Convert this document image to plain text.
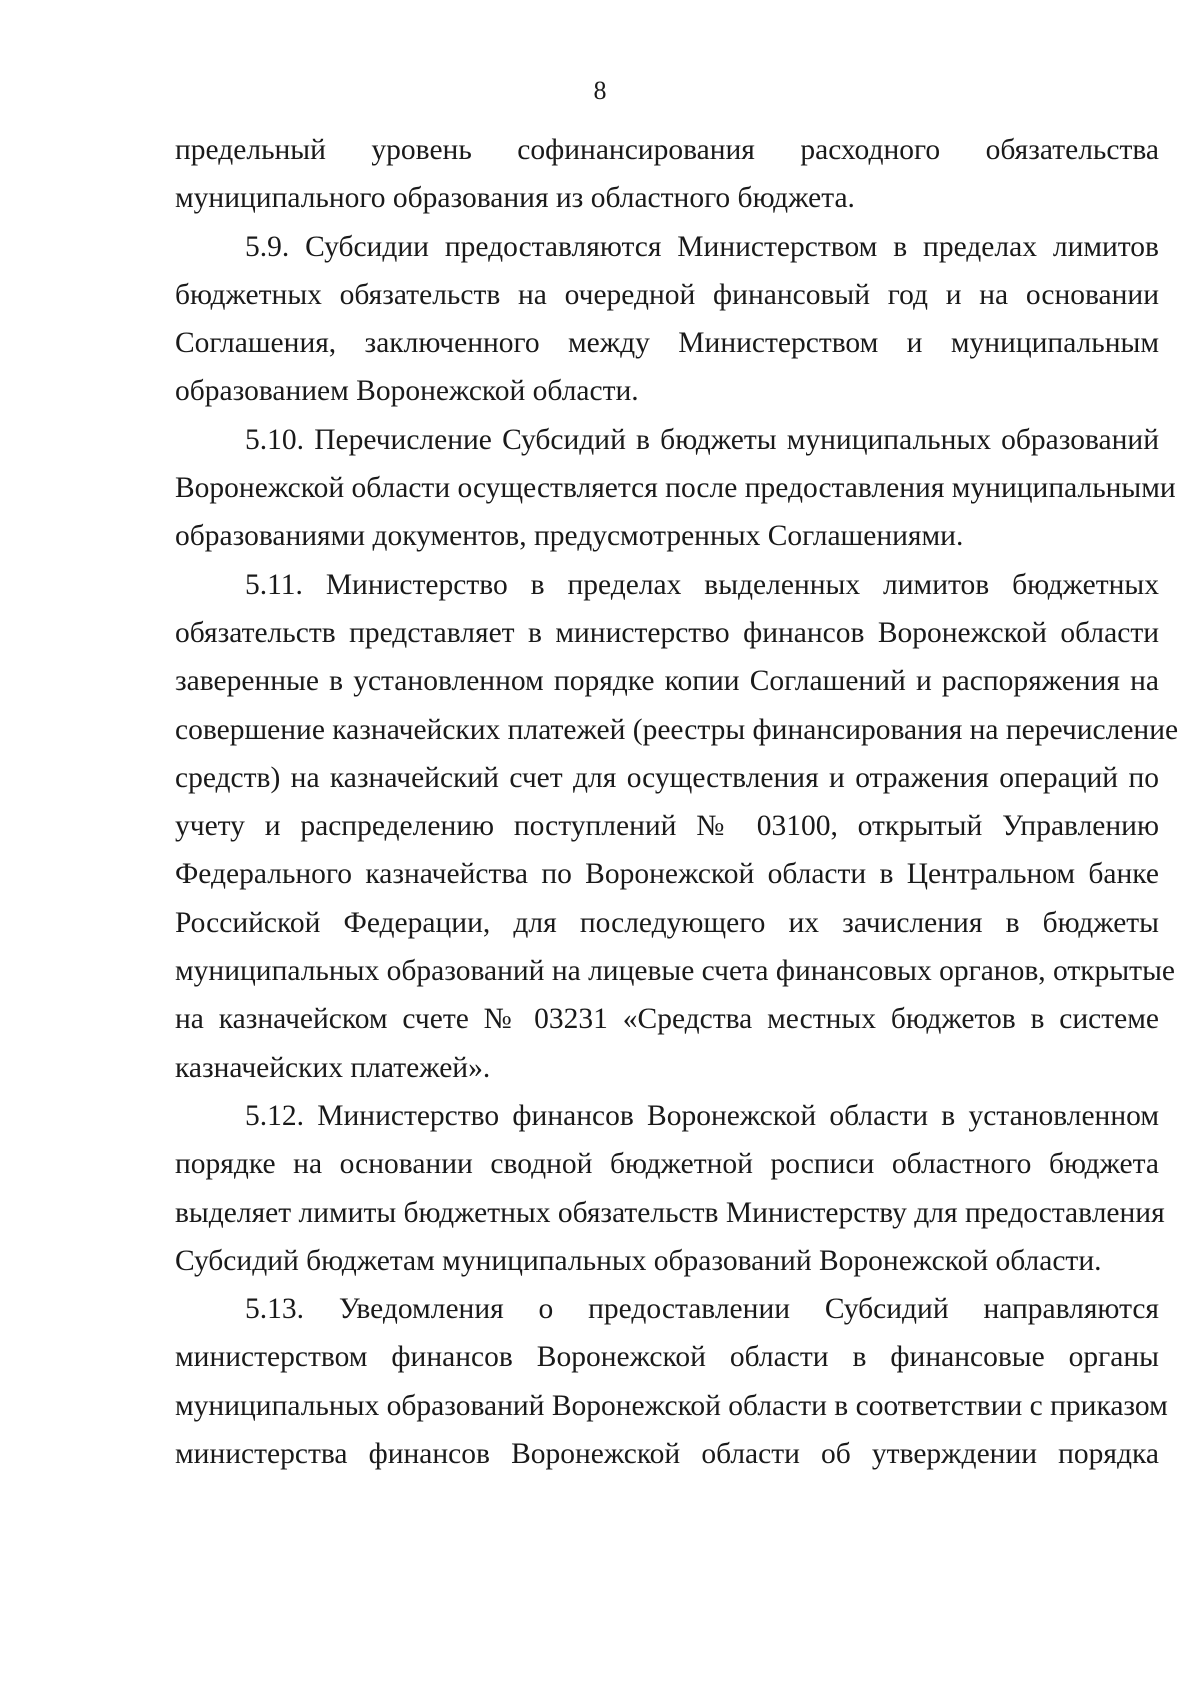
8
предельный уровень софинансирования расходного обязательства
муниципального образования из областного бюджета.
5.9. Субсидии предоставляются Министерством в пределах лимитов
бюджетных обязательств на очередной финансовый год и на основании
Соглашения, заключенного между Министерством и муниципальным
образованием Воронежской области.
5.10. Перечисление Субсидий в бюджеты муниципальных образований
Воронежской области осуществляется после предоставления муниципальными
образованиями документов, предусмотренных Соглашениями.
5.11. Министерство в пределах выделенных лимитов бюджетных
обязательств представляет в министерство финансов Воронежской области
заверенные в установленном порядке копии Соглашений и распоряжения на
совершение казначейских платежей (реестры финансирования на перечисление
средств) на казначейский счет для осуществления и отражения операций по
учету и распределению поступлений № 03100, открытый Управлению
Федерального казначейства по Воронежской области в Центральном банке
Российской Федерации, для последующего их зачисления в бюджеты
муниципальных образований на лицевые счета финансовых органов, открытые
на казначейском счете № 03231 «Средства местных бюджетов в системе
казначейских платежей».
5.12. Министерство финансов Воронежской области в установленном
порядке на основании сводной бюджетной росписи областного бюджета
выделяет лимиты бюджетных обязательств Министерству для предоставления
Субсидий бюджетам муниципальных образований Воронежской области.
5.13. Уведомления о предоставлении Субсидий направляются
министерством финансов Воронежской области в финансовые органы
муниципальных образований Воронежской области в соответствии с приказом
министерства финансов Воронежской области об утверждении порядка
